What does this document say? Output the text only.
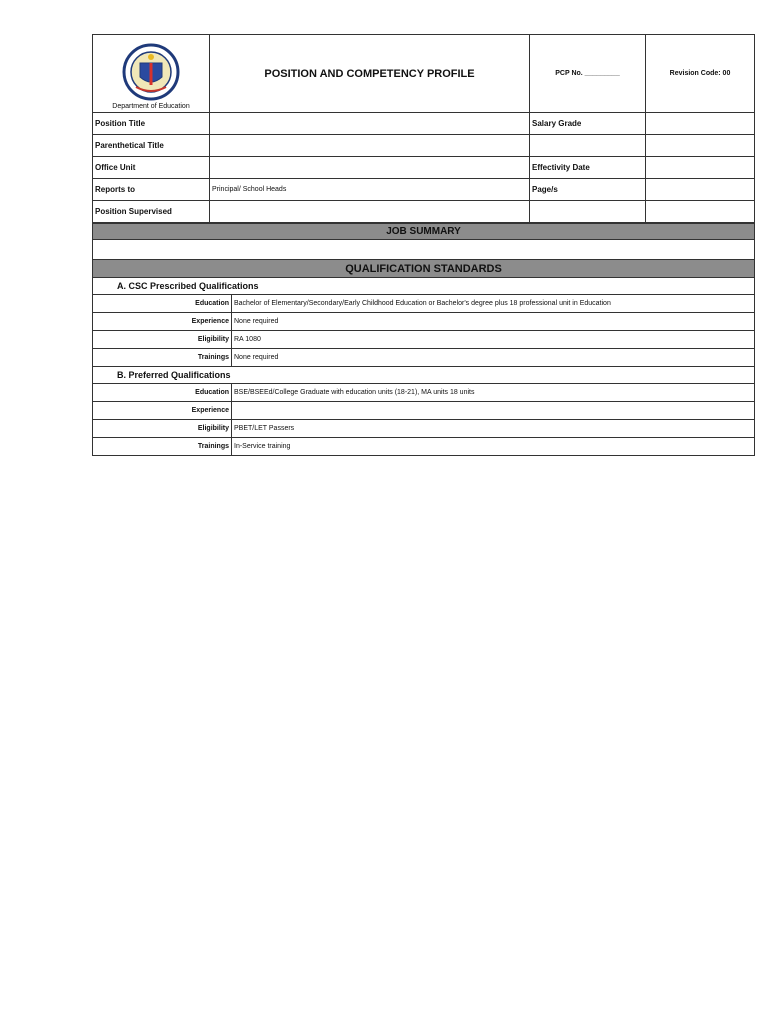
Department of Education	POSITION AND COMPETENCY PROFILE	PCP No. _________	Revision Code: 00
Position Title		Salary Grade	
Parenthetical Title			
Office Unit		Effectivity Date	
Reports to	Principal/ School Heads	Page/s	
Position Supervised			
JOB SUMMARY	

QUALIFICATION STANDARDS	
A. CSC Prescribed Qualifications	
Education	Bachelor of Elementary/Secondary/Early Childhood Education or Bachelor's degree plus 18 professional unit in Education
Experience	None required
Eligibility	RA 1080
Trainings	None required
B. Preferred Qualifications	
Education	BSE/BSEEd/College Graduate with education units (18-21), MA units 18 units
Experience	
Eligibility	PBET/LET Passers
Trainings	In-Service training
